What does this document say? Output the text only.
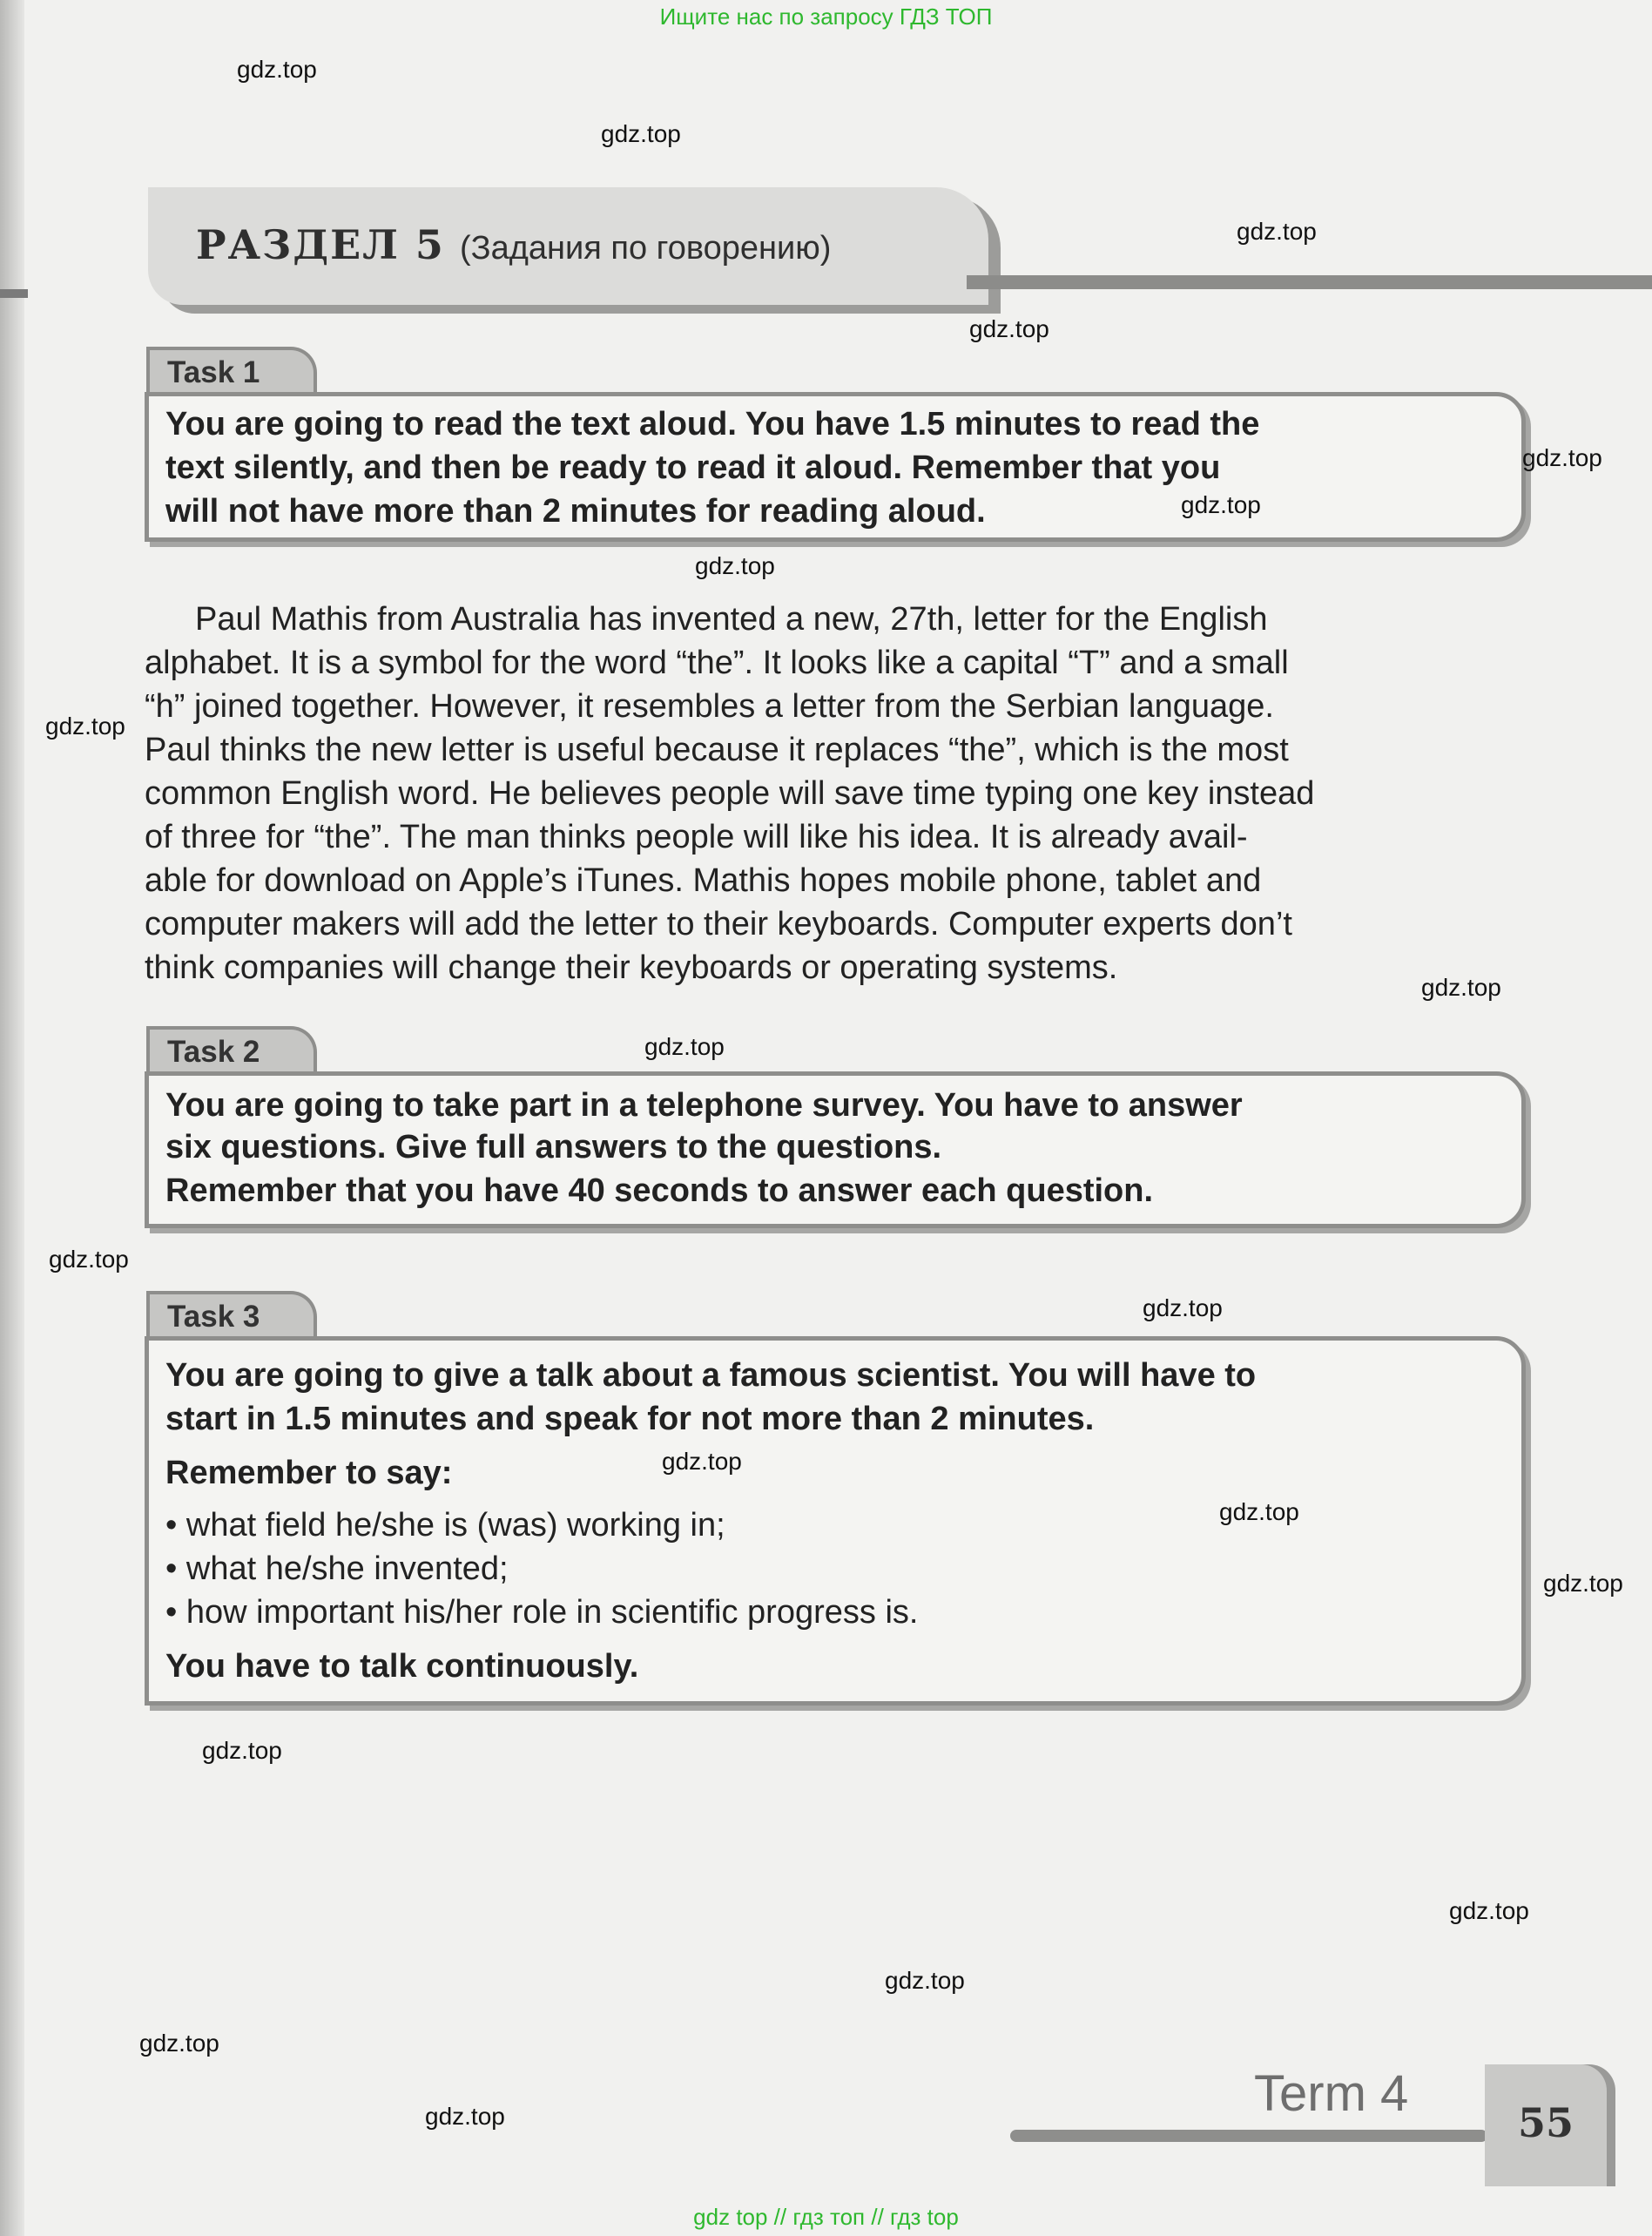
Ищите нас по запросу ГДЗ ТОП
РАЗДЕЛ 5 (Задания по говорению)
Task 1
You are going to read the text aloud. You have 1.5 minutes to read the
text silently, and then be ready to read it aloud. Remember that you
will not have more than 2 minutes for reading aloud.
Paul Mathis from Australia has invented a new, 27th, letter for the English
alphabet. It is a symbol for the word “the”. It looks like a capital “T” and a small
“h” joined together. However, it resembles a letter from the Serbian language.
Paul thinks the new letter is useful because it replaces “the”, which is the most
common English word. He believes people will save time typing one key instead
of three for “the”. The man thinks people will like his idea. It is already avail-
able for download on Apple’s iTunes. Mathis hopes mobile phone, tablet and
computer makers will add the letter to their keyboards. Computer experts don’t
think companies will change their keyboards or operating systems.
Task 2
You are going to take part in a telephone survey. You have to answer
six questions. Give full answers to the questions.
Remember that you have 40 seconds to answer each question.
Task 3
You are going to give a talk about a famous scientist. You will have to
start in 1.5 minutes and speak for not more than 2 minutes.
Remember to say:
• what field he/she is (was) working in;
• what he/she invented;
• how important his/her role in scientific progress is.
You have to talk continuously.
Term 4
55
gdz top // гдз топ // гдз top
gdz.top
gdz.top
gdz.top
gdz.top
gdz.top
gdz.top
gdz.top
gdz.top
gdz.top
gdz.top
gdz.top
gdz.top
gdz.top
gdz.top
gdz.top
gdz.top
gdz.top
gdz.top
gdz.top
gdz.top
